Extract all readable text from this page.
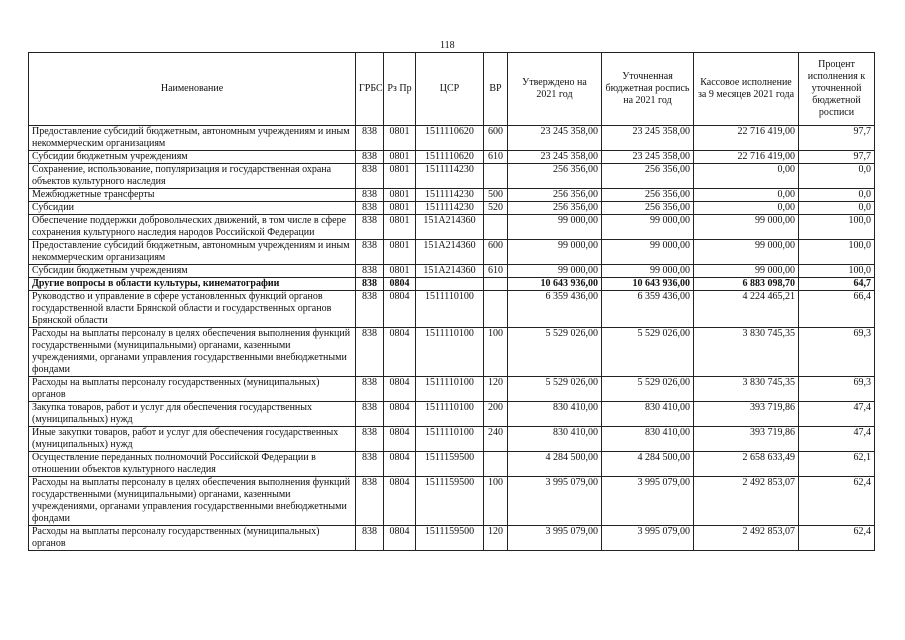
118
Наименование	ГРБС	Рз Пр	ЦСР	ВР	Утверждено на 2021 год	Уточненная бюджетная роспись на 2021 год	Кассовое исполнение за 9 месяцев 2021 года	Процент исполнения к уточненной бюджетной росписи
Предоставление субсидий бюджетным, автономным учреждениям и иным некоммерческим организациям	838	0801	1511110620	600	23 245 358,00	23 245 358,00	22 716 419,00	97,7
Субсидии бюджетным учреждениям	838	0801	1511110620	610	23 245 358,00	23 245 358,00	22 716 419,00	97,7
Сохранение, использование, популяризация и государственная охрана объектов культурного наследия	838	0801	1511114230		256 356,00	256 356,00	0,00	0,0
Межбюджетные трансферты	838	0801	1511114230	500	256 356,00	256 356,00	0,00	0,0
Субсидии	838	0801	1511114230	520	256 356,00	256 356,00	0,00	0,0
Обеспечение поддержки добровольческих движений, в том числе в сфере сохранения культурного наследия народов Российской Федерации	838	0801	151A214360		99 000,00	99 000,00	99 000,00	100,0
Предоставление субсидий бюджетным, автономным учреждениям и иным некоммерческим организациям	838	0801	151A214360	600	99 000,00	99 000,00	99 000,00	100,0
Субсидии бюджетным учреждениям	838	0801	151A214360	610	99 000,00	99 000,00	99 000,00	100,0
Другие вопросы в области культуры, кинематографии	838	0804			10 643 936,00	10 643 936,00	6 883 098,70	64,7
Руководство и управление в сфере установленных функций органов государственной власти Брянской области и государственных органов Брянской области	838	0804	1511110100		6 359 436,00	6 359 436,00	4 224 465,21	66,4
Расходы на выплаты персоналу в целях обеспечения выполнения функций государственными (муниципальными) органами, казенными учреждениями, органами управления государственными внебюджетными фондами	838	0804	1511110100	100	5 529 026,00	5 529 026,00	3 830 745,35	69,3
Расходы на выплаты персоналу государственных (муниципальных) органов	838	0804	1511110100	120	5 529 026,00	5 529 026,00	3 830 745,35	69,3
Закупка товаров, работ и услуг для обеспечения государственных (муниципальных) нужд	838	0804	1511110100	200	830 410,00	830 410,00	393 719,86	47,4
Иные закупки товаров, работ и услуг для обеспечения государственных (муниципальных) нужд	838	0804	1511110100	240	830 410,00	830 410,00	393 719,86	47,4
Осуществление переданных полномочий Российской Федерации в отношении объектов культурного наследия	838	0804	1511159500		4 284 500,00	4 284 500,00	2 658 633,49	62,1
Расходы на выплаты персоналу в целях обеспечения выполнения функций государственными (муниципальными) органами, казенными учреждениями, органами управления государственными внебюджетными фондами	838	0804	1511159500	100	3 995 079,00	3 995 079,00	2 492 853,07	62,4
Расходы на выплаты персоналу государственных (муниципальных) органов	838	0804	1511159500	120	3 995 079,00	3 995 079,00	2 492 853,07	62,4
